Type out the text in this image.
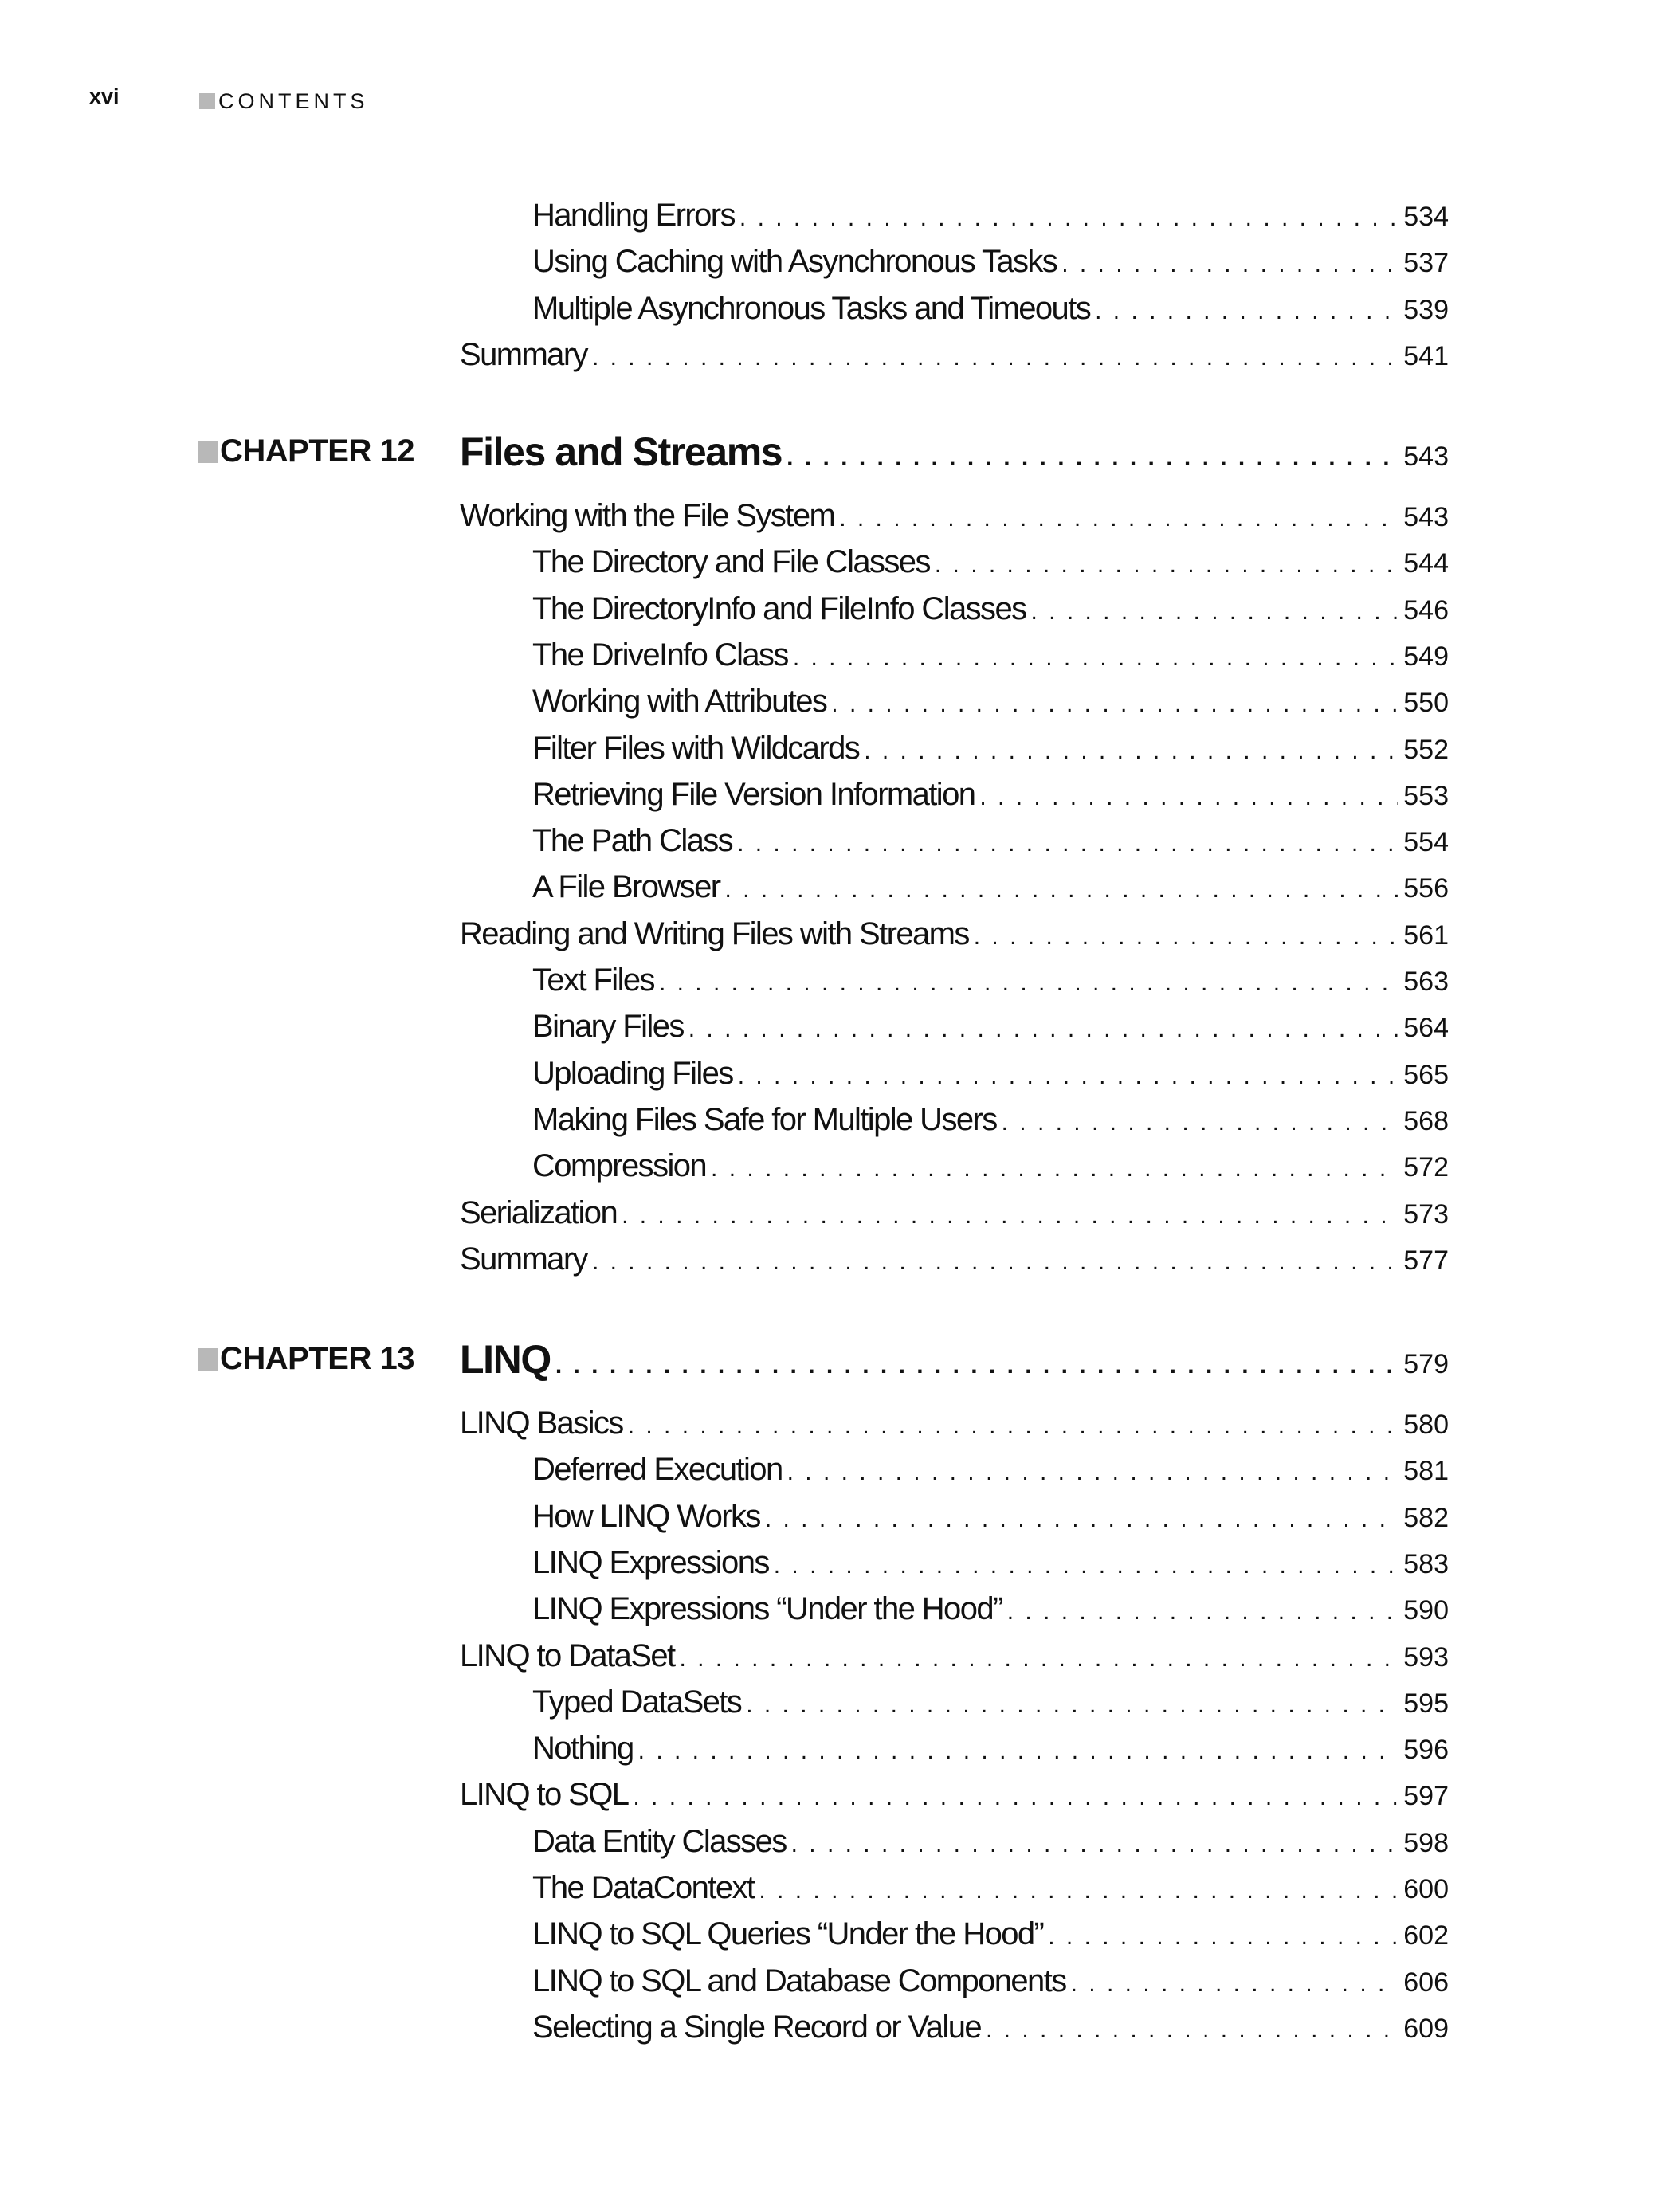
xvi	CONTENTS
Handling Errors . . .	534
Using Caching with Asynchronous Tasks . . .	537
Multiple Asynchronous Tasks and Timeouts . . .	539
Summary . . .	541
CHAPTER 12 Files and Streams . . .	543
Working with the File System . . .	543
The Directory and File Classes . . .	544
The DirectoryInfo and FileInfo Classes . . .	546
The DriveInfo Class . . .	549
Working with Attributes . . .	550
Filter Files with Wildcards . . .	552
Retrieving File Version Information . . .	553
The Path Class . . .	554
A File Browser . . .	556
Reading and Writing Files with Streams . . .	561
Text Files . . .	563
Binary Files . . .	564
Uploading Files . . .	565
Making Files Safe for Multiple Users . . .	568
Compression . . .	572
Serialization . . .	573
Summary . . .	577
CHAPTER 13 LINQ . . .	579
LINQ Basics . . .	580
Deferred Execution . . .	581
How LINQ Works . . .	582
LINQ Expressions . . .	583
LINQ Expressions “Under the Hood” . . .	590
LINQ to DataSet . . .	593
Typed DataSets . . .	595
Nothing . . .	596
LINQ to SQL . . .	597
Data Entity Classes . . .	598
The DataContext . . .	600
LINQ to SQL Queries “Under the Hood” . . .	602
LINQ to SQL and Database Components . . .	606
Selecting a Single Record or Value . . .	609
